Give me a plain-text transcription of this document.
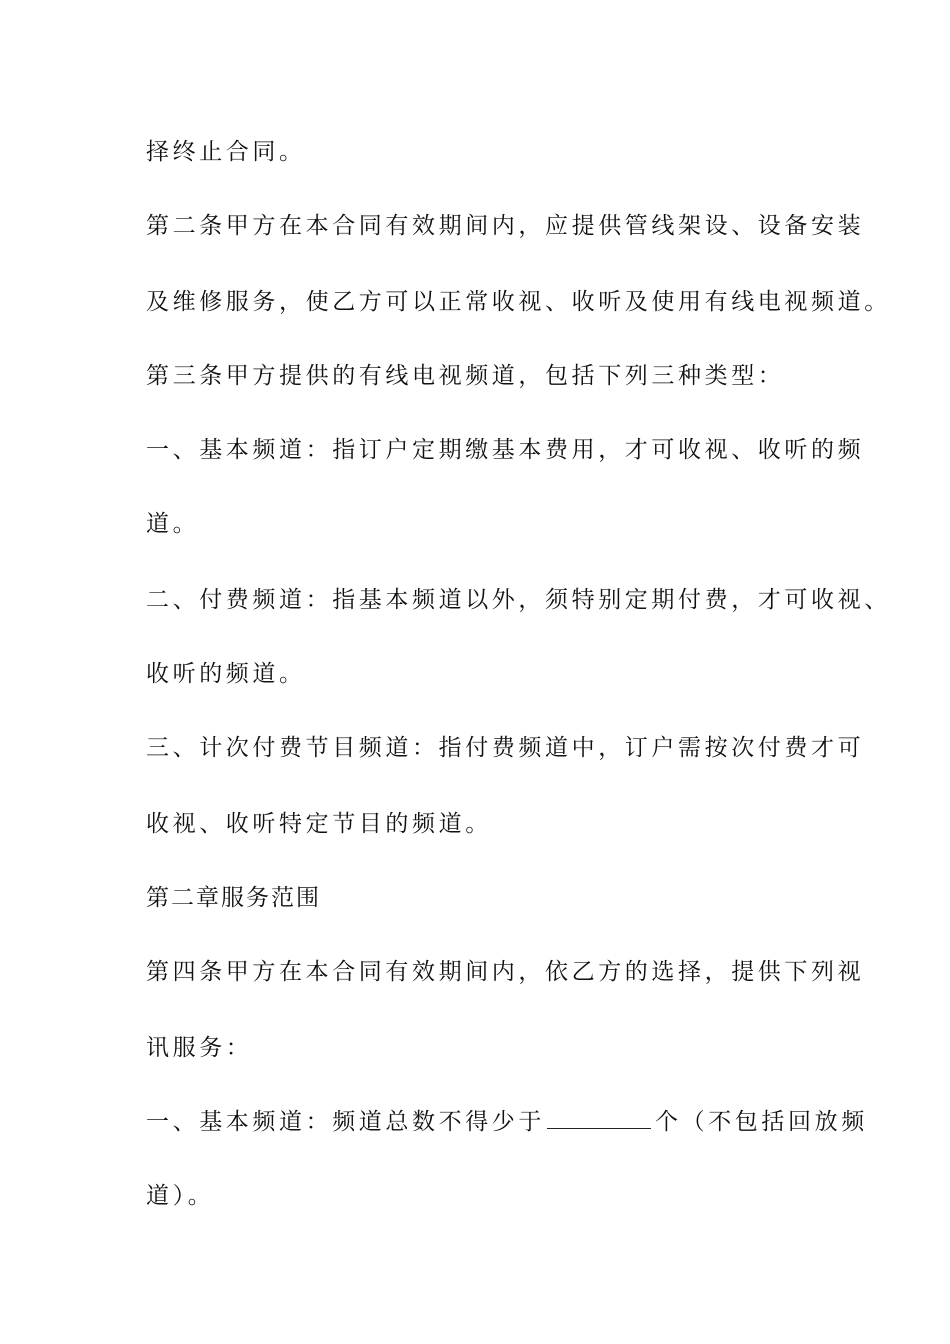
择终止合同。
第二条甲方在本合同有效期间内，应提供管线架设、设备安装
及维修服务，使乙方可以正常收视、收听及使用有线电视频道。
第三条甲方提供的有线电视频道，包括下列三种类型：
一、基本频道：指订户定期缴基本费用，才可收视、收听的频
道。
二、付费频道：指基本频道以外，须特别定期付费，才可收视、
收听的频道。
三、计次付费节目频道：指付费频道中，订户需按次付费才可
收视、收听特定节目的频道。
第二章服务范围
第四条甲方在本合同有效期间内，依乙方的选择，提供下列视
讯服务：
一、基本频道：频道总数不得少于	个（不包括回放频
道）。
